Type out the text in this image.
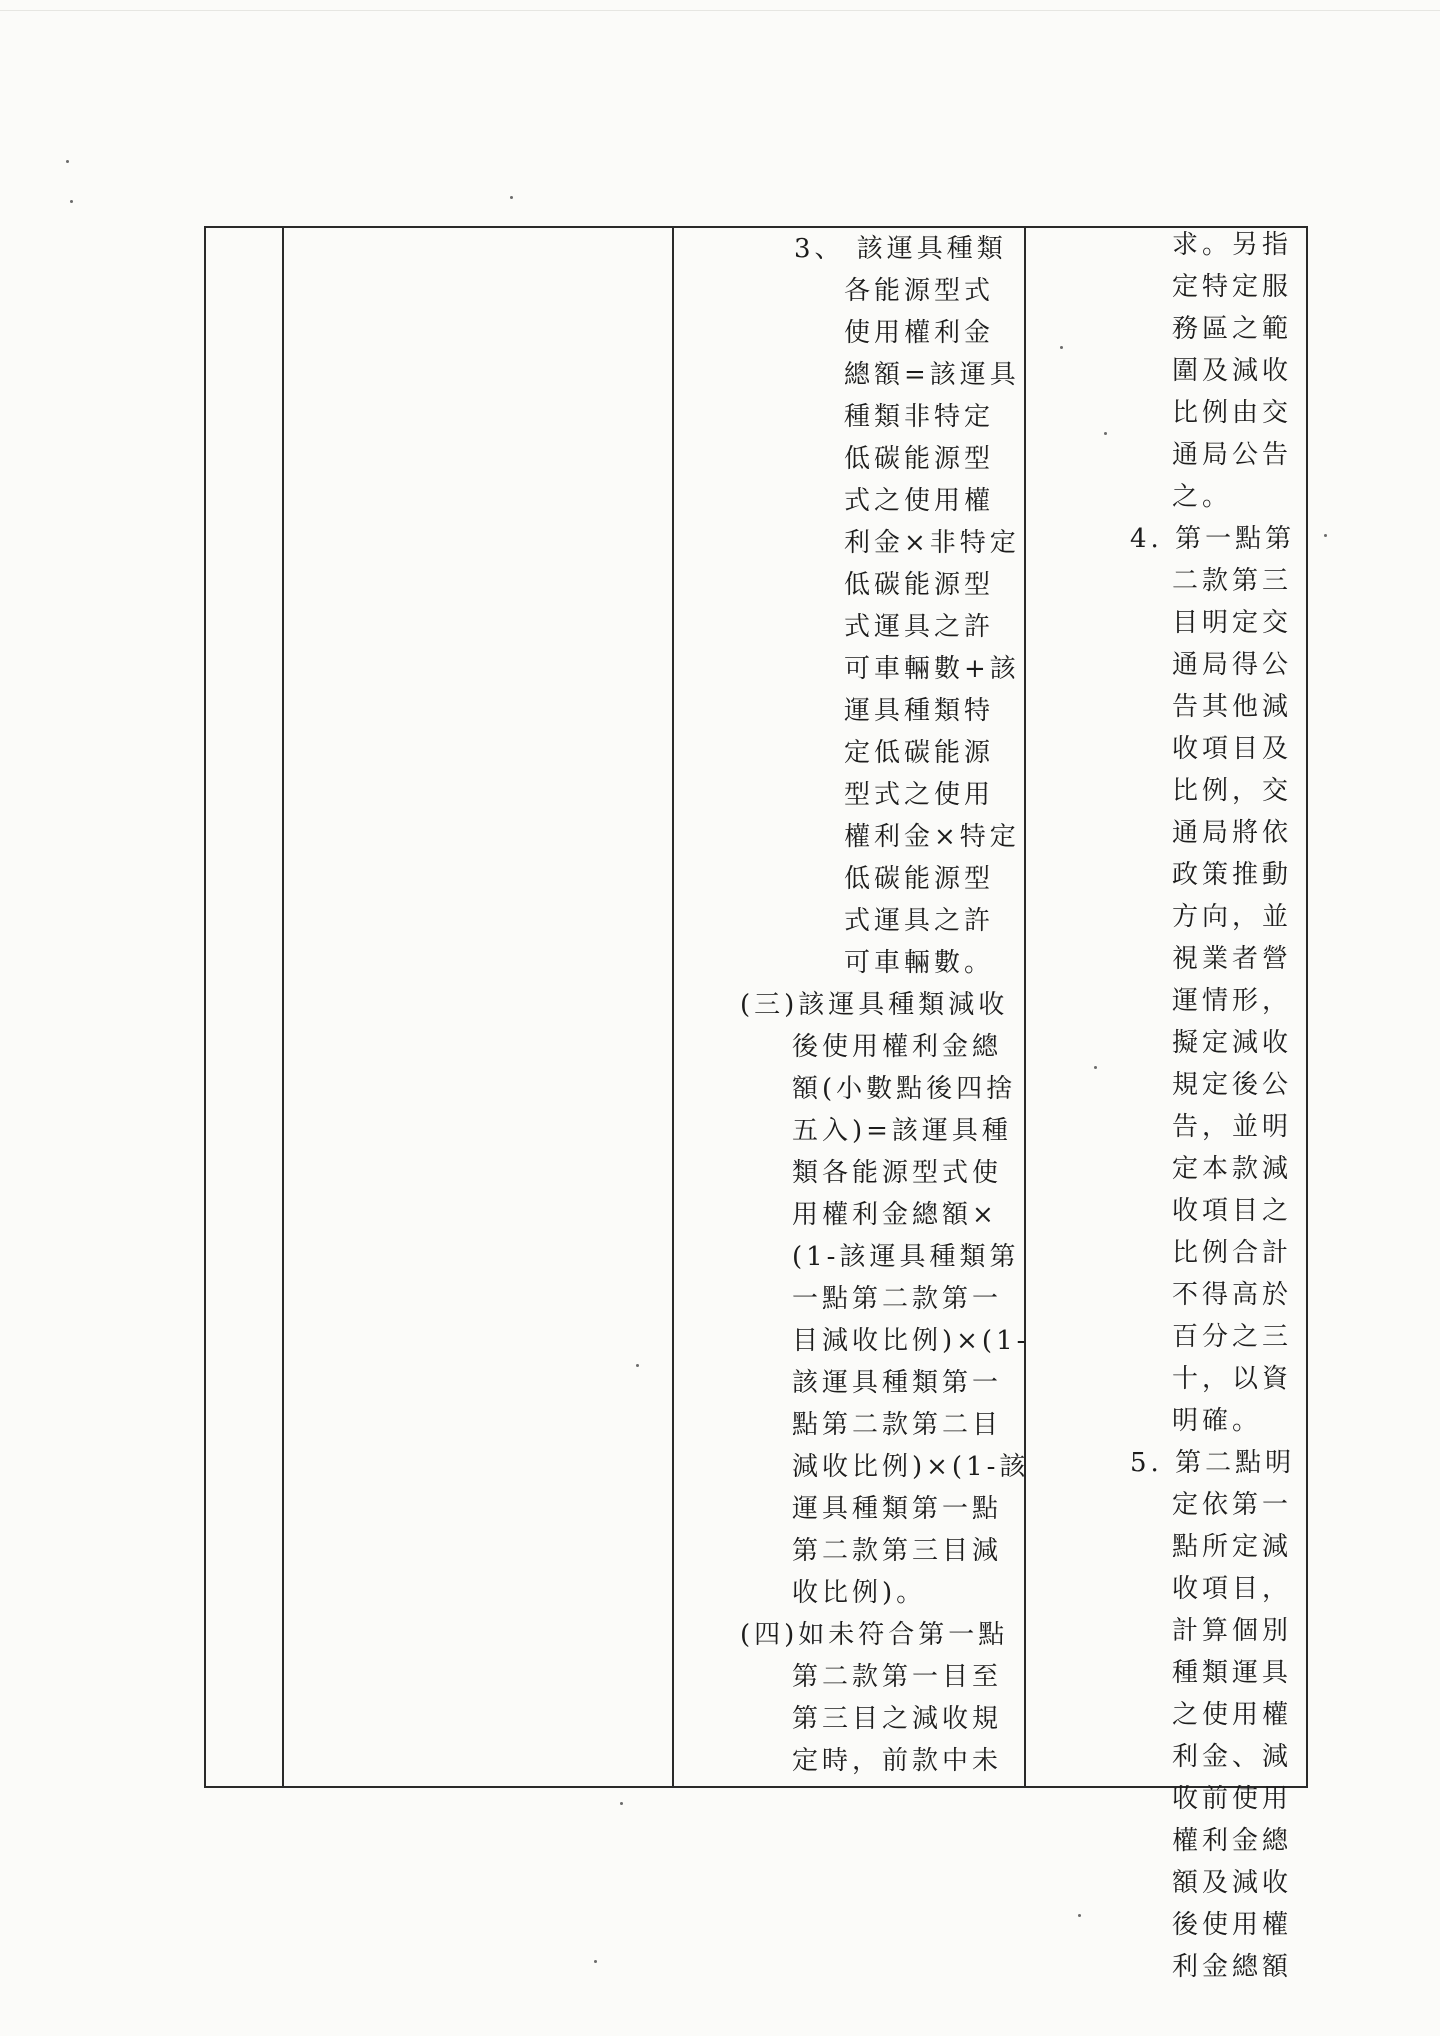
3、 該運具種類
各能源型式
使用權利金
總額=該運具
種類非特定
低碳能源型
式之使用權
利金×非特定
低碳能源型
式運具之許
可車輛數+該
運具種類特
定低碳能源
型式之使用
權利金×特定
低碳能源型
式運具之許
可車輛數。
(三)該運具種類減收
後使用權利金總
額(小數點後四捨
五入)=該運具種
類各能源型式使
用權利金總額×
(1-該運具種類第
一點第二款第一
目減收比例)×(1-
該運具種類第一
點第二款第二目
減收比例)×(1-該
運具種類第一點
第二款第三目減
收比例)。
(四)如未符合第一點
第二款第一目至
第三目之減收規
定時，前款中未
求。另指
定特定服
務區之範
圍及減收
比例由交
通局公告
之。
4. 第一點第
二款第三
目明定交
通局得公
告其他減
收項目及
比例，交
通局將依
政策推動
方向，並
視業者營
運情形，
擬定減收
規定後公
告，並明
定本款減
收項目之
比例合計
不得高於
百分之三
十，以資
明確。
5. 第二點明
定依第一
點所定減
收項目，
計算個別
種類運具
之使用權
利金、減
收前使用
權利金總
額及減收
後使用權
利金總額
